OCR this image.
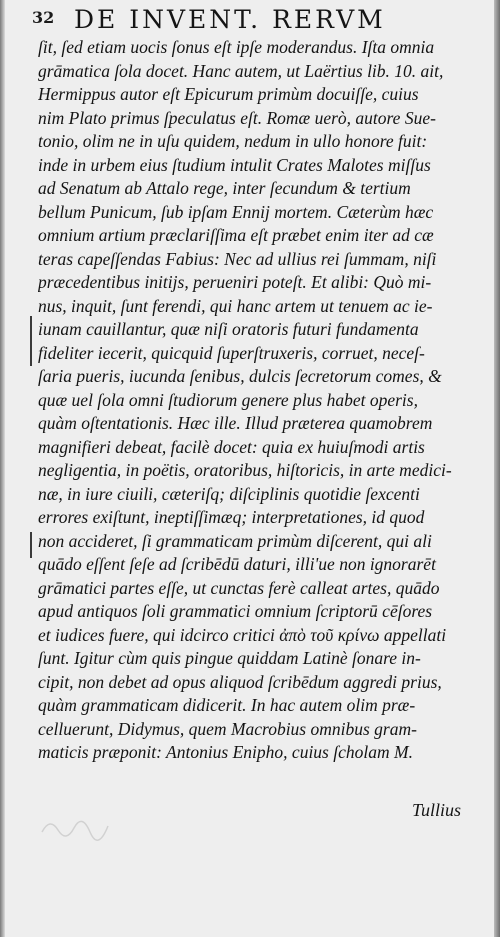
32 DE INVENT. RERVM
ſit, ſed etiam uocis ſonus eſt ipſe moderandus. Iſta omnia
grāmatica ſola docet. Hanc autem, ut Laërtius lib. 10. ait,
Hermippus autor eſt Epicurum primùm docuiſſe, cuius
nim Plato primus ſpeculatus eſt. Romæ uerò, autore Sue-
tonio, olim ne in uſu quidem, nedum in ullo honore fuit:
inde in urbem eius ſtudium intulit Crates Malotes miſſus
ad Senatum ab Attalo rege, inter ſecundum & tertium
bellum Punicum, ſub ipſam Ennij mortem. Cæterùm hæc
omnium artium præclariſſima eſt præbet enim iter ad cæ
teras capeſſendas Fabius: Nec ad ullius rei ſummam, niſi
præcedentibus initijs, perueniri poteſt. Et alibi: Quò mi-
nus, inquit, ſunt ferendi, qui hanc artem ut tenuem ac ie-
iunam cauillantur, quæ niſi oratoris futuri fundamenta
fideliter iecerit, quicquid ſuperſtruxeris, corruet, neceſ-
ſaria pueris, iucunda ſenibus, dulcis ſecretorum comes, &
quæ uel ſola omni ſtudiorum genere plus habet operis,
quàm oſtentationis. Hæc ille. Illud præterea quamobrem
magnifieri debeat, facilè docet: quia ex huiuſmodi artis
negligentia, in poëtis, oratoribus, hiſtoricis, in arte medici-
næ, in iure ciuili, cæteriſq; diſciplinis quotidie ſexcenti
errores exiſtunt, ineptiſſimæq; interpretationes, id quod
non accideret, ſi grammaticam primùm diſcerent, qui ali
quādo eſſent ſeſe ad ſcribēdū daturi, illi'ue non ignorarēt
grāmatici partes eſſe, ut cunctas ferè calleat artes, quādo
apud antiquos ſoli grammatici omnium ſcriptorū cēſores
et iudices fuere, qui idcirco critici ἀπὸ τοῦ κρίνω appellati
ſunt. Igitur cùm quis pingue quiddam Latinè ſonare in-
cipit, non debet ad opus aliquod ſcribēdum aggredi prius,
quàm grammaticam didicerit. In hac autem olim præ-
celluerunt, Didymus, quem Macrobius omnibus gram-
maticis præponit: Antonius Enipho, cuius ſcholam M.
Tullius
